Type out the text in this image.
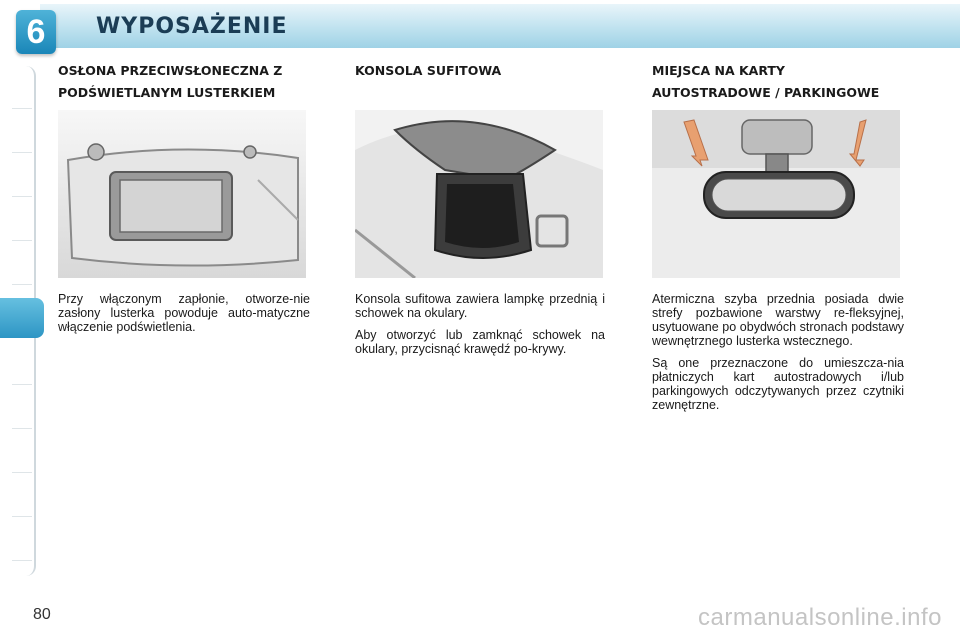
6	WYPOSAŻENIE
OSŁONA PRZECIWSŁONECZNA Z
PODŚWIETLANYM LUSTERKIEM

Przy włączonym zapłonie, otworze-nie zasłony lusterka powoduje auto-matyczne włączenie podświetlenia.

KONSOLA SUFITOWA

Konsola sufitowa zawiera lampkę przednią i schowek na okulary.

Aby otworzyć lub zamknąć schowek na okulary, przycisnąć krawędź po-krywy.

MIEJSCA NA KARTY
AUTOSTRADOWE / PARKINGOWE

Atermiczna szyba przednia posiada dwie strefy pozbawione warstwy re-fleksyjnej, usytuowane po obydwóch stronach podstawy wewnętrznego lusterka wstecznego.

Są one przeznaczone do umieszcza-nia płatniczych kart autostradowych i/lub parkingowych odczytywanych przez czytniki zewnętrzne.

80	carmanualsonline.info
